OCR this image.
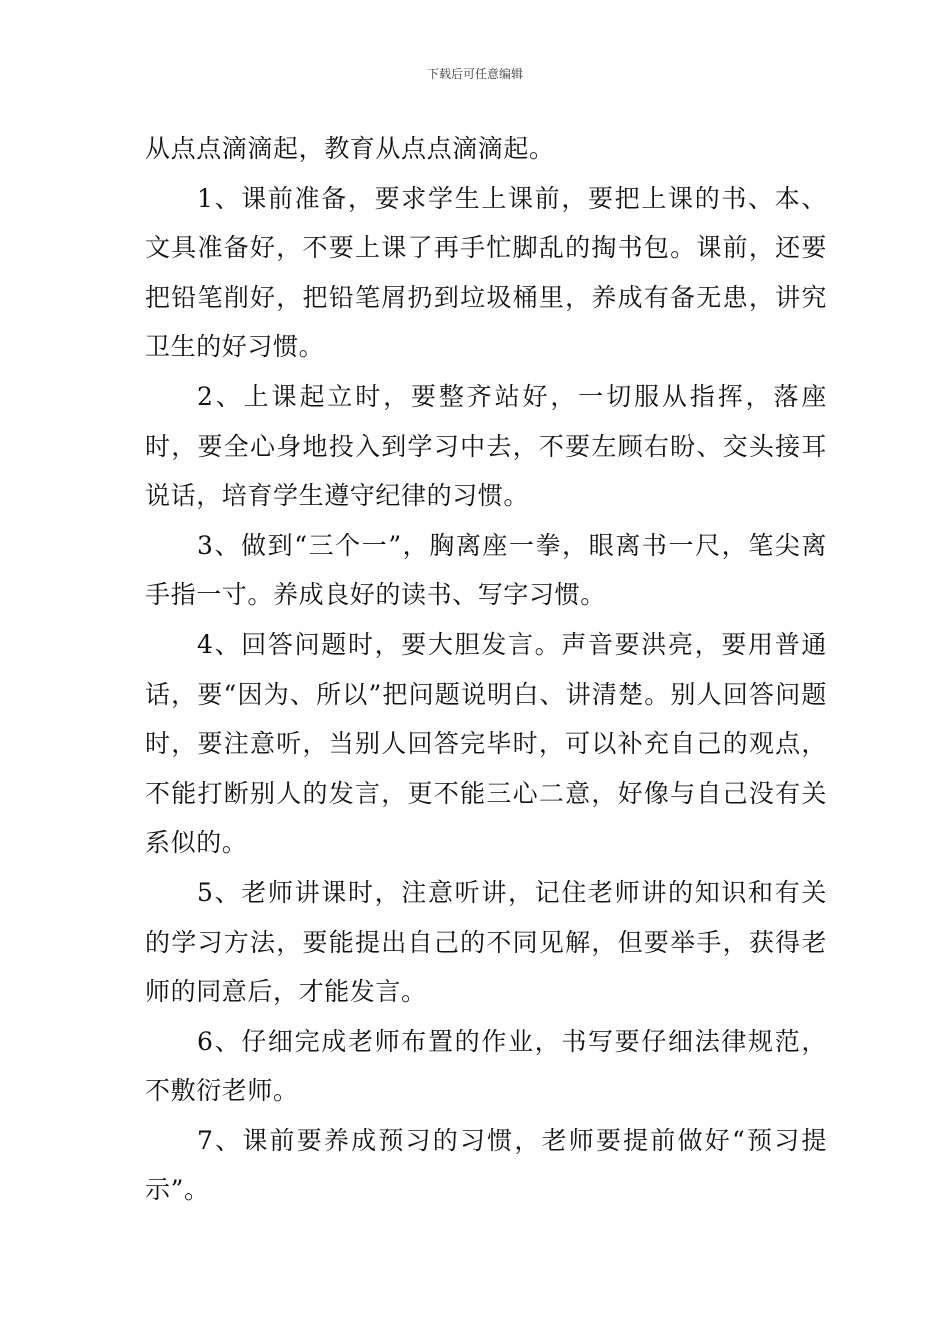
下载后可任意编辑

从点点滴滴起，教育从点点滴滴起。

1、课前准备，要求学生上课前，要把上课的书、本、文具准备好，不要上课了再手忙脚乱的掏书包。课前，还要把铅笔削好，把铅笔屑扔到垃圾桶里，养成有备无患，讲究卫生的好习惯。

2、上课起立时，要整齐站好，一切服从指挥，落座时，要全心身地投入到学习中去，不要左顾右盼、交头接耳说话，培育学生遵守纪律的习惯。

3、做到“三个一”，胸离座一拳，眼离书一尺，笔尖离手指一寸。养成良好的读书、写字习惯。

4、回答问题时，要大胆发言。声音要洪亮，要用普通话，要“因为、所以”把问题说明白、讲清楚。别人回答问题时，要注意听，当别人回答完毕时，可以补充自己的观点，不能打断别人的发言，更不能三心二意，好像与自己没有关系似的。

5、老师讲课时，注意听讲，记住老师讲的知识和有关的学习方法，要能提出自己的不同见解，但要举手，获得老师的同意后，才能发言。

6、仔细完成老师布置的作业，书写要仔细法律规范，不敷衍老师。

7、课前要养成预习的习惯，老师要提前做好“预习提示”。
